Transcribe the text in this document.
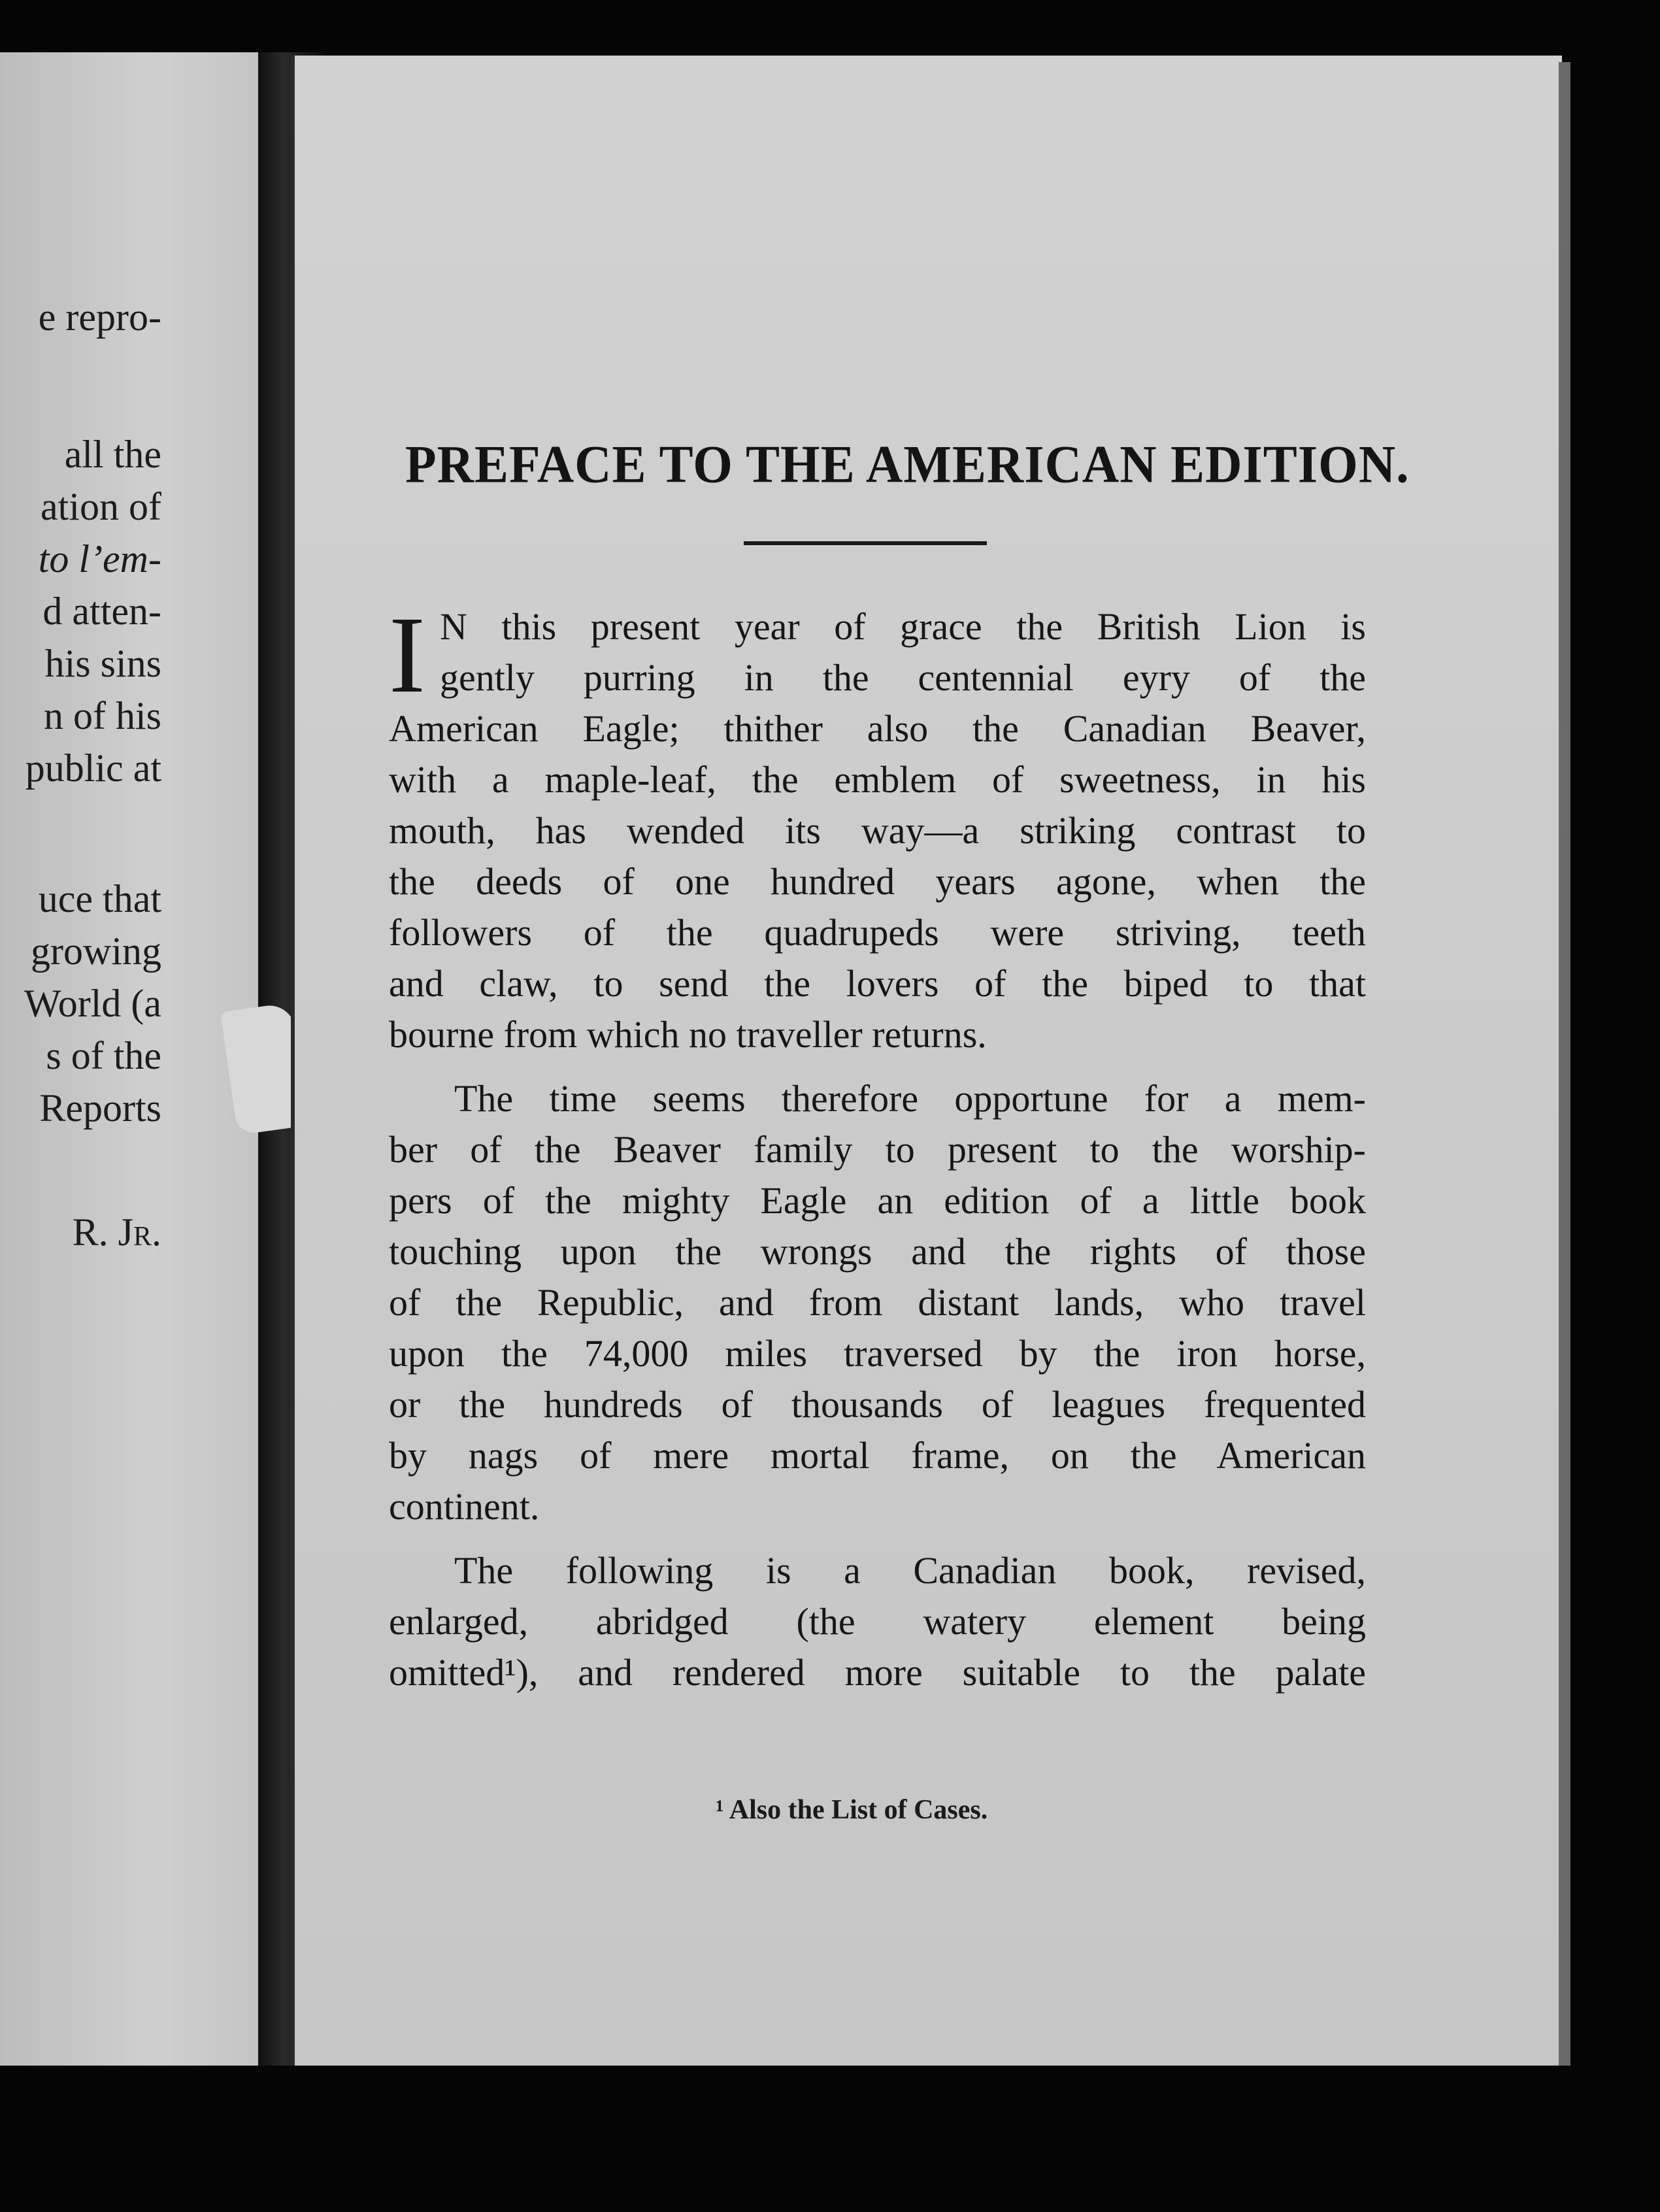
e repro-
all the
ation of
to l’em-
d atten-
his sins
n of his
public at
uce that
growing
World (a
s of the
Reports
R. Jr.
PREFACE TO THE AMERICAN EDITION.
I N this present year of grace the British Lion is
gently purring in the centennial eyry of the
American Eagle; thither also the Canadian Beaver,
with a maple-leaf, the emblem of sweetness, in his
mouth, has wended its way—a striking contrast to
the deeds of one hundred years agone, when the
followers of the quadrupeds were striving, teeth
and claw, to send the lovers of the biped to that
bourne from which no traveller returns.
The time seems therefore opportune for a mem-
ber of the Beaver family to present to the worship-
pers of the mighty Eagle an edition of a little book
touching upon the wrongs and the rights of those
of the Republic, and from distant lands, who travel
upon the 74,000 miles traversed by the iron horse,
or the hundreds of thousands of leagues frequented
by nags of mere mortal frame, on the American
continent.
The following is a Canadian book, revised,
enlarged, abridged (the watery element being
omitted¹), and rendered more suitable to the palate
¹ Also the List of Cases.
